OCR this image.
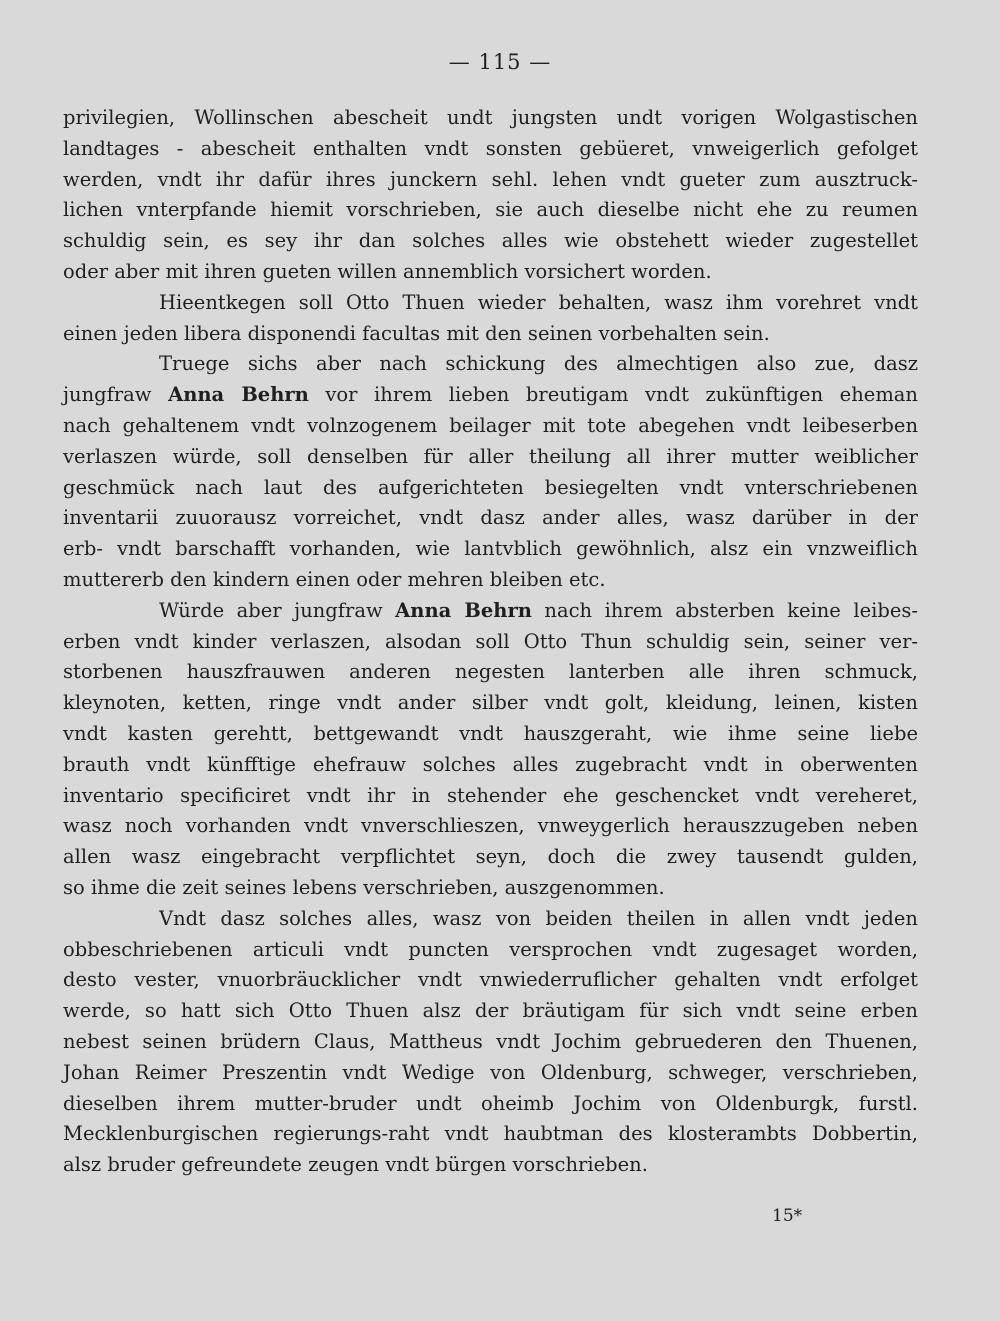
— 115 —
privilegien, Wollinschen abescheit undt jungsten undt vorigen Wolgastischen
landtages - abescheit enthalten vndt sonsten gebüeret, vnweigerlich gefolget
werden, vndt ihr dafür ihres junckern sehl. lehen vndt gueter zum ausztruck-
lichen vnterpfande hiemit vorschrieben, sie auch dieselbe nicht ehe zu reumen
schuldig sein, es sey ihr dan solches alles wie obstehett wieder zugestellet
oder aber mit ihren gueten willen annemblich vorsichert worden.
Hieentkegen soll Otto Thuen wieder behalten, wasz ihm vorehret vndt
einen jeden libera disponendi facultas mit den seinen vorbehalten sein.
Truege sichs aber nach schickung des almechtigen also zue, dasz
jungfraw Anna Behrn vor ihrem lieben breutigam vndt zukünftigen eheman
nach gehaltenem vndt volnzogenem beilager mit tote abegehen vndt leibeserben
verlaszen würde, soll denselben für aller theilung all ihrer mutter weiblicher
geschmück nach laut des aufgerichteten besiegelten vndt vnterschriebenen
inventarii zuuorausz vorreichet, vndt dasz ander alles, wasz darüber in der
erb- vndt barschafft vorhanden, wie lantvblich gewöhnlich, alsz ein vnzweiflich
muttererb den kindern einen oder mehren bleiben etc.
Würde aber jungfraw Anna Behrn nach ihrem absterben keine leibes-
erben vndt kinder verlaszen, alsodan soll Otto Thun schuldig sein, seiner ver-
storbenen hauszfrauwen anderen negesten lanterben alle ihren schmuck,
kleynoten, ketten, ringe vndt ander silber vndt golt, kleidung, leinen, kisten
vndt kasten gerehtt, bettgewandt vndt hauszgeraht, wie ihme seine liebe
brauth vndt künfftige ehefrauw solches alles zugebracht vndt in oberwenten
inventario specificiret vndt ihr in stehender ehe geschencket vndt vereheret,
wasz noch vorhanden vndt vnverschlieszen, vnweygerlich herauszzugeben neben
allen wasz eingebracht verpflichtet seyn, doch die zwey tausendt gulden,
so ihme die zeit seines lebens verschrieben, auszgenommen.
Vndt dasz solches alles, wasz von beiden theilen in allen vndt jeden
obbeschriebenen articuli vndt puncten versprochen vndt zugesaget worden,
desto vester, vnuorbräucklicher vndt vnwiederruflicher gehalten vndt erfolget
werde, so hatt sich Otto Thuen alsz der bräutigam für sich vndt seine erben
nebest seinen brüdern Claus, Mattheus vndt Jochim gebruederen den Thuenen,
Johan Reimer Preszentin vndt Wedige von Oldenburg, schweger, verschrieben,
dieselben ihrem mutter-bruder undt oheimb Jochim von Oldenburgk, furstl.
Mecklenburgischen regierungs-raht vndt haubtman des klosterambts Dobbertin,
alsz bruder gefreundete zeugen vndt bürgen vorschrieben.
15*
